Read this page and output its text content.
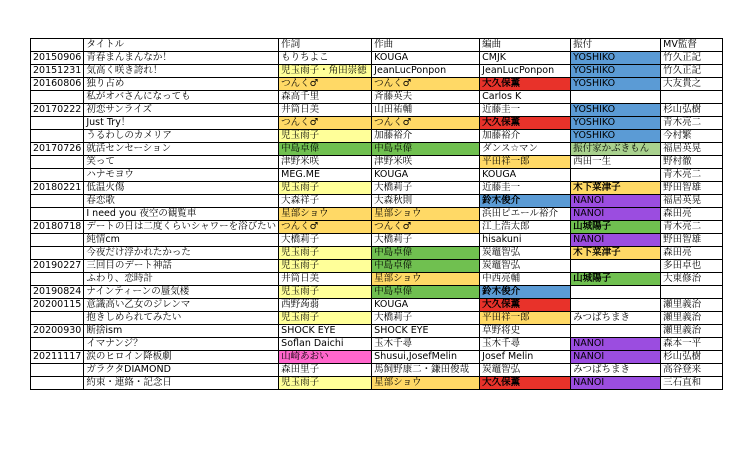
	タイトル	作詞	作曲	編曲	振付	MV監督
20150906	青春まんまんなか！	もりちよこ	KOUGA	CMJK	YOSHIKO	竹久正記
20151231	気高く咲き誇れ！	児玉雨子・角田崇徳	JeanLucPonpon	JeanLucPonpon	YOSHIKO	竹久正記
20160806	独り占め	つんく♂	つんく♂	大久保薫	YOSHIKO	大友貴之
	私がオバさんになっても	森高千里	斉藤英夫	Carlos K		
20170222	初恋サンライズ	井筒日美	山田祐輔	近藤圭一	YOSHIKO	杉山弘樹
	Just Try！	つんく♂	つんく♂	大久保薫	YOSHIKO	青木亮二
	うるわしのカメリア	児玉雨子	加藤裕介	加藤裕介	YOSHIKO	今村繁
20170726	就活センセーション	中島卓偉	中島卓偉	ダンス☆マン	振付家かぶきもん	福居英晃
	笑って	津野米咲	津野米咲	平田祥一郎	西田一生	野村徹
	ハナモヨウ	MEG.ME	KOUGA	KOUGA		青木亮二
20180221	低温火傷	児玉雨子	大橋莉子	近藤圭一	木下菜津子	野田智雄
	春恋歌	大森祥子	大森秋則	鈴木俊介	NANOI	福居英晃
	I need you 夜空の観覧車	星部ショウ	星部ショウ	浜田ピエール裕介	NANOI	森田亮
20180718	デートの日は二度くらいシャワーを浴びたい	つんく♂	つんく♂	江上浩太郎	山城陽子	青木亮二
	純情cm	大橋莉子	大橋莉子	hisakuni	NANOI	野田智雄
	今夜だけ浮かれたかった	児玉雨子	中島卓偉	炭竈智弘	木下菜津子	森田亮
20190227	三回目のデート神話	児玉雨子	中島卓偉	炭竈智弘		多田卓也
	ふわり、恋時計	井筒日美	星部ショウ	中西亮輔	山城陽子	大東修治
20190824	ナインティーンの蜃気楼	児玉雨子	中島卓偉	鈴木俊介		
20200115	意識高い乙女のジレンマ	西野蒟蒻	KOUGA	大久保薫		瀬里義治
	抱きしめられてみたい	児玉雨子	大橋莉子	平田祥一郎	みつばちまき	瀬里義治
20200930	断捨ism	SHOCK EYE	SHOCK EYE	草野将史		瀬里義治
	イマナンジ？	Soflan Daichi	玉木千尋	玉木千尋	NANOI	森本一平
20211117	涙のヒロイン降板劇	山崎あおい	Shusui,JosefMelin	Josef Melin	NANOI	杉山弘樹
	ガラクタDIAMOND	森田里子	馬飼野康二・鎌田俊哉	炭竈智弘	みつばちまき	高谷登来
	約束・連絡・記念日	児玉雨子	星部ショウ	大久保薫	NANOI	三石直和
